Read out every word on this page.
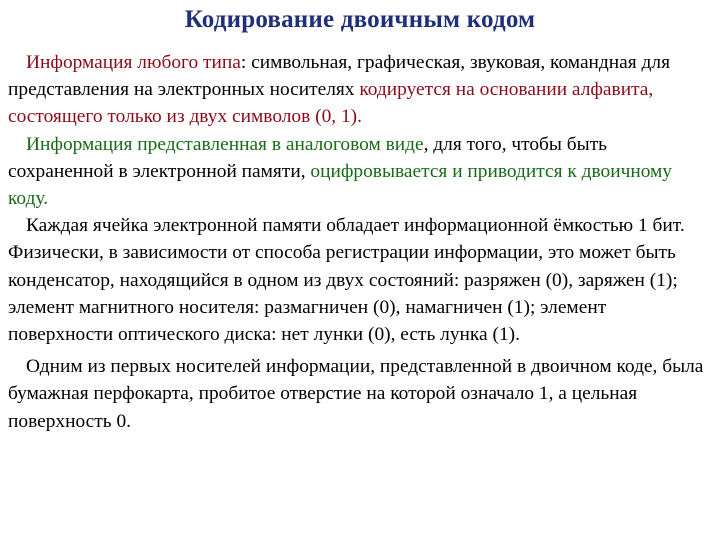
Кодирование двоичным кодом

Информация любого типа: символьная, графическая, звуковая, командная для представления на электронных носителях кодируется на основании алфавита, состоящего только из двух символов (0, 1).

Информация представленная в аналоговом виде, для того, чтобы быть сохраненной в электронной памяти, оцифровывается и приводится к двоичному коду.

Каждая ячейка электронной памяти обладает информационной ёмкостью 1 бит. Физически, в зависимости от способа регистрации информации, это может быть конденсатор, находящийся в одном из двух состояний: разряжен (0), заряжен (1); элемент магнитного носителя: размагничен (0), намагничен (1); элемент поверхности оптического диска: нет лунки (0), есть лунка (1).

Одним из первых носителей информации, представленной в двоичном коде, была бумажная перфокарта, пробитое отверстие на которой означало 1, а цельная поверхность 0.
